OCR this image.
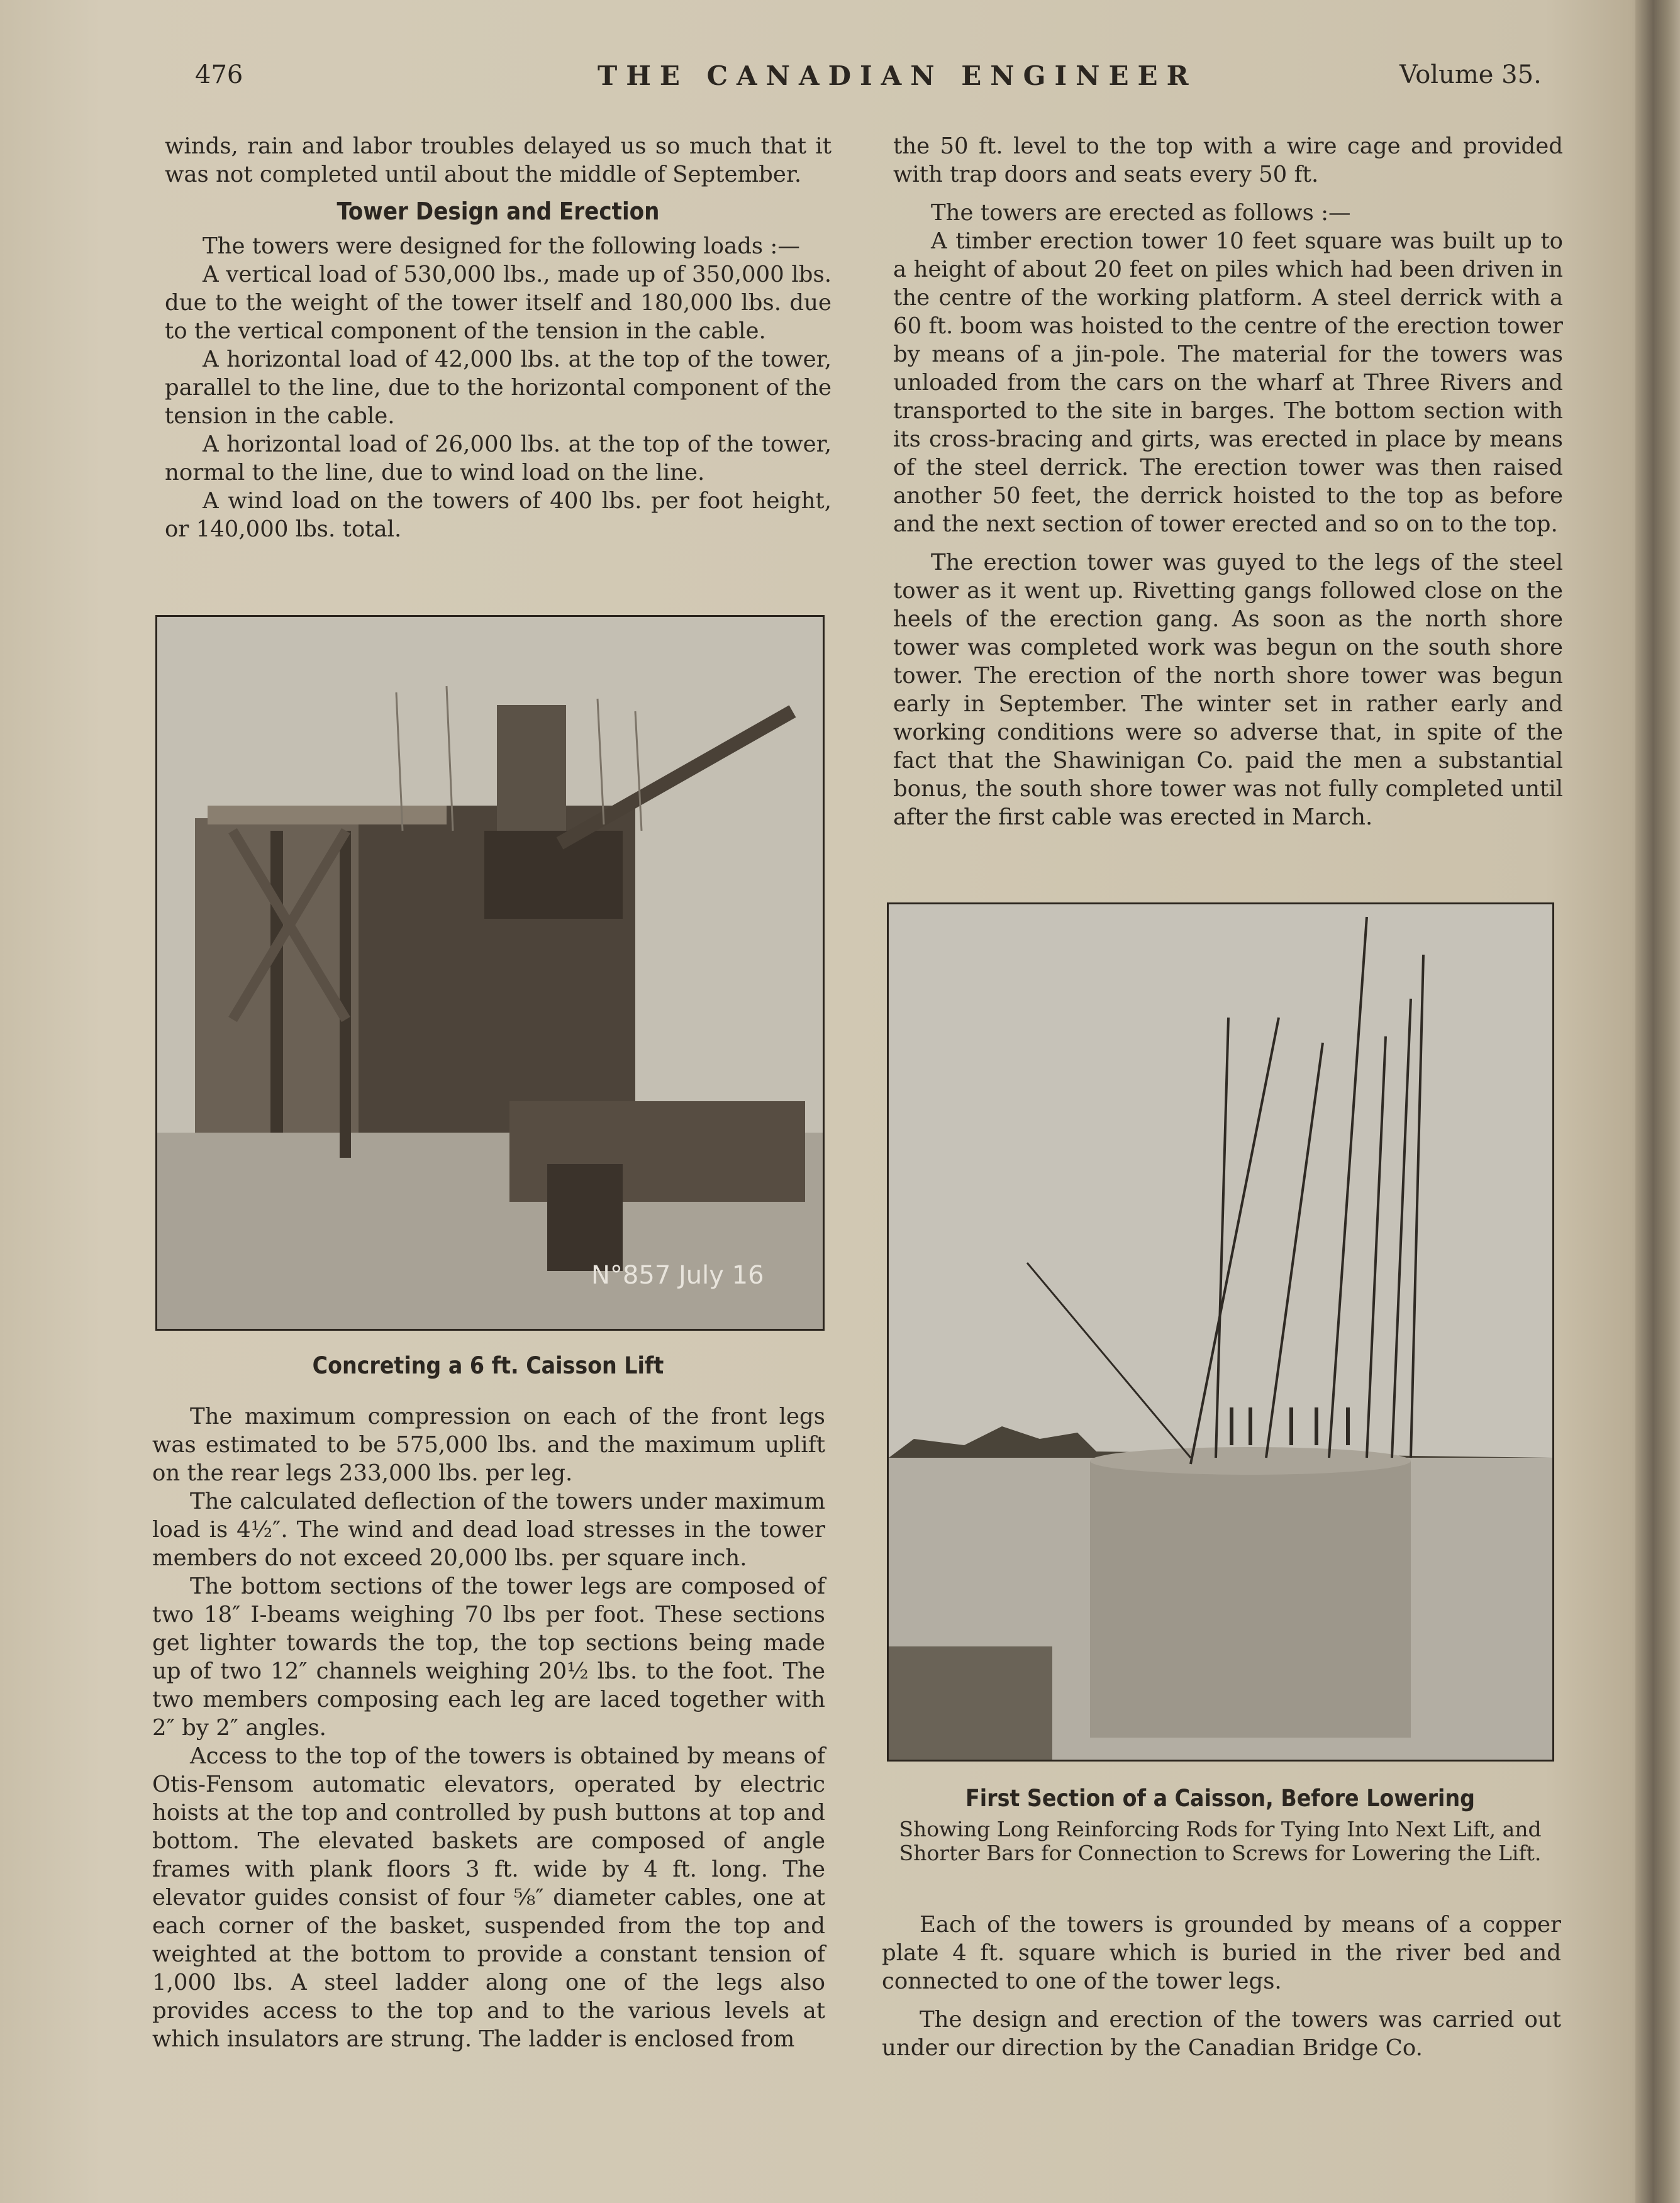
476	THE CANADIAN ENGINEER	Volume 35.

winds, rain and labor troubles delayed us so much that it was not completed until about the middle of September.

Tower Design and Erection

The towers were designed for the following loads :—

A vertical load of 530,000 lbs., made up of 350,000 lbs. due to the weight of the tower itself and 180,000 lbs. due to the vertical component of the tension in the cable.

A horizontal load of 42,000 lbs. at the top of the tower, parallel to the line, due to the horizontal component of the tension in the cable.

A horizontal load of 26,000 lbs. at the top of the tower, normal to the line, due to wind load on the line.

A wind load on the towers of 400 lbs. per foot height, or 140,000 lbs. total.

N°857 July 16
Concreting a 6 ft. Caisson Lift

The maximum compression on each of the front legs was estimated to be 575,000 lbs. and the maximum uplift on the rear legs 233,000 lbs. per leg.

The calculated deflection of the towers under maximum load is 4½″. The wind and dead load stresses in the tower members do not exceed 20,000 lbs. per square inch.

The bottom sections of the tower legs are composed of two 18″ I-beams weighing 70 lbs per foot. These sections get lighter towards the top, the top sections being made up of two 12″ channels weighing 20½ lbs. to the foot. The two members composing each leg are laced together with 2″ by 2″ angles.

Access to the top of the towers is obtained by means of Otis-Fensom automatic elevators, operated by electric hoists at the top and controlled by push buttons at top and bottom. The elevated baskets are composed of angle frames with plank floors 3 ft. wide by 4 ft. long. The elevator guides consist of four ⅝″ diameter cables, one at each corner of the basket, suspended from the top and weighted at the bottom to provide a constant tension of 1,000 lbs. A steel ladder along one of the legs also provides access to the top and to the various levels at which insulators are strung. The ladder is enclosed from

the 50 ft. level to the top with a wire cage and provided with trap doors and seats every 50 ft.

The towers are erected as follows :—

A timber erection tower 10 feet square was built up to a height of about 20 feet on piles which had been driven in the centre of the working platform. A steel derrick with a 60 ft. boom was hoisted to the centre of the erection tower by means of a jin-pole. The material for the towers was unloaded from the cars on the wharf at Three Rivers and transported to the site in barges. The bottom section with its cross-bracing and girts, was erected in place by means of the steel derrick. The erection tower was then raised another 50 feet, the derrick hoisted to the top as before and the next section of tower erected and so on to the top.

The erection tower was guyed to the legs of the steel tower as it went up. Rivetting gangs followed close on the heels of the erection gang. As soon as the north shore tower was completed work was begun on the south shore tower. The erection of the north shore tower was begun early in September. The winter set in rather early and working conditions were so adverse that, in spite of the fact that the Shawinigan Co. paid the men a substantial bonus, the south shore tower was not fully completed until after the first cable was erected in March.

First Section of a Caisson, Before Lowering
Showing Long Reinforcing Rods for Tying Into Next Lift, and Shorter Bars for Connection to Screws for Lowering the Lift.

Each of the towers is grounded by means of a copper plate 4 ft. square which is buried in the river bed and connected to one of the tower legs.

The design and erection of the towers was carried out under our direction by the Canadian Bridge Co.
